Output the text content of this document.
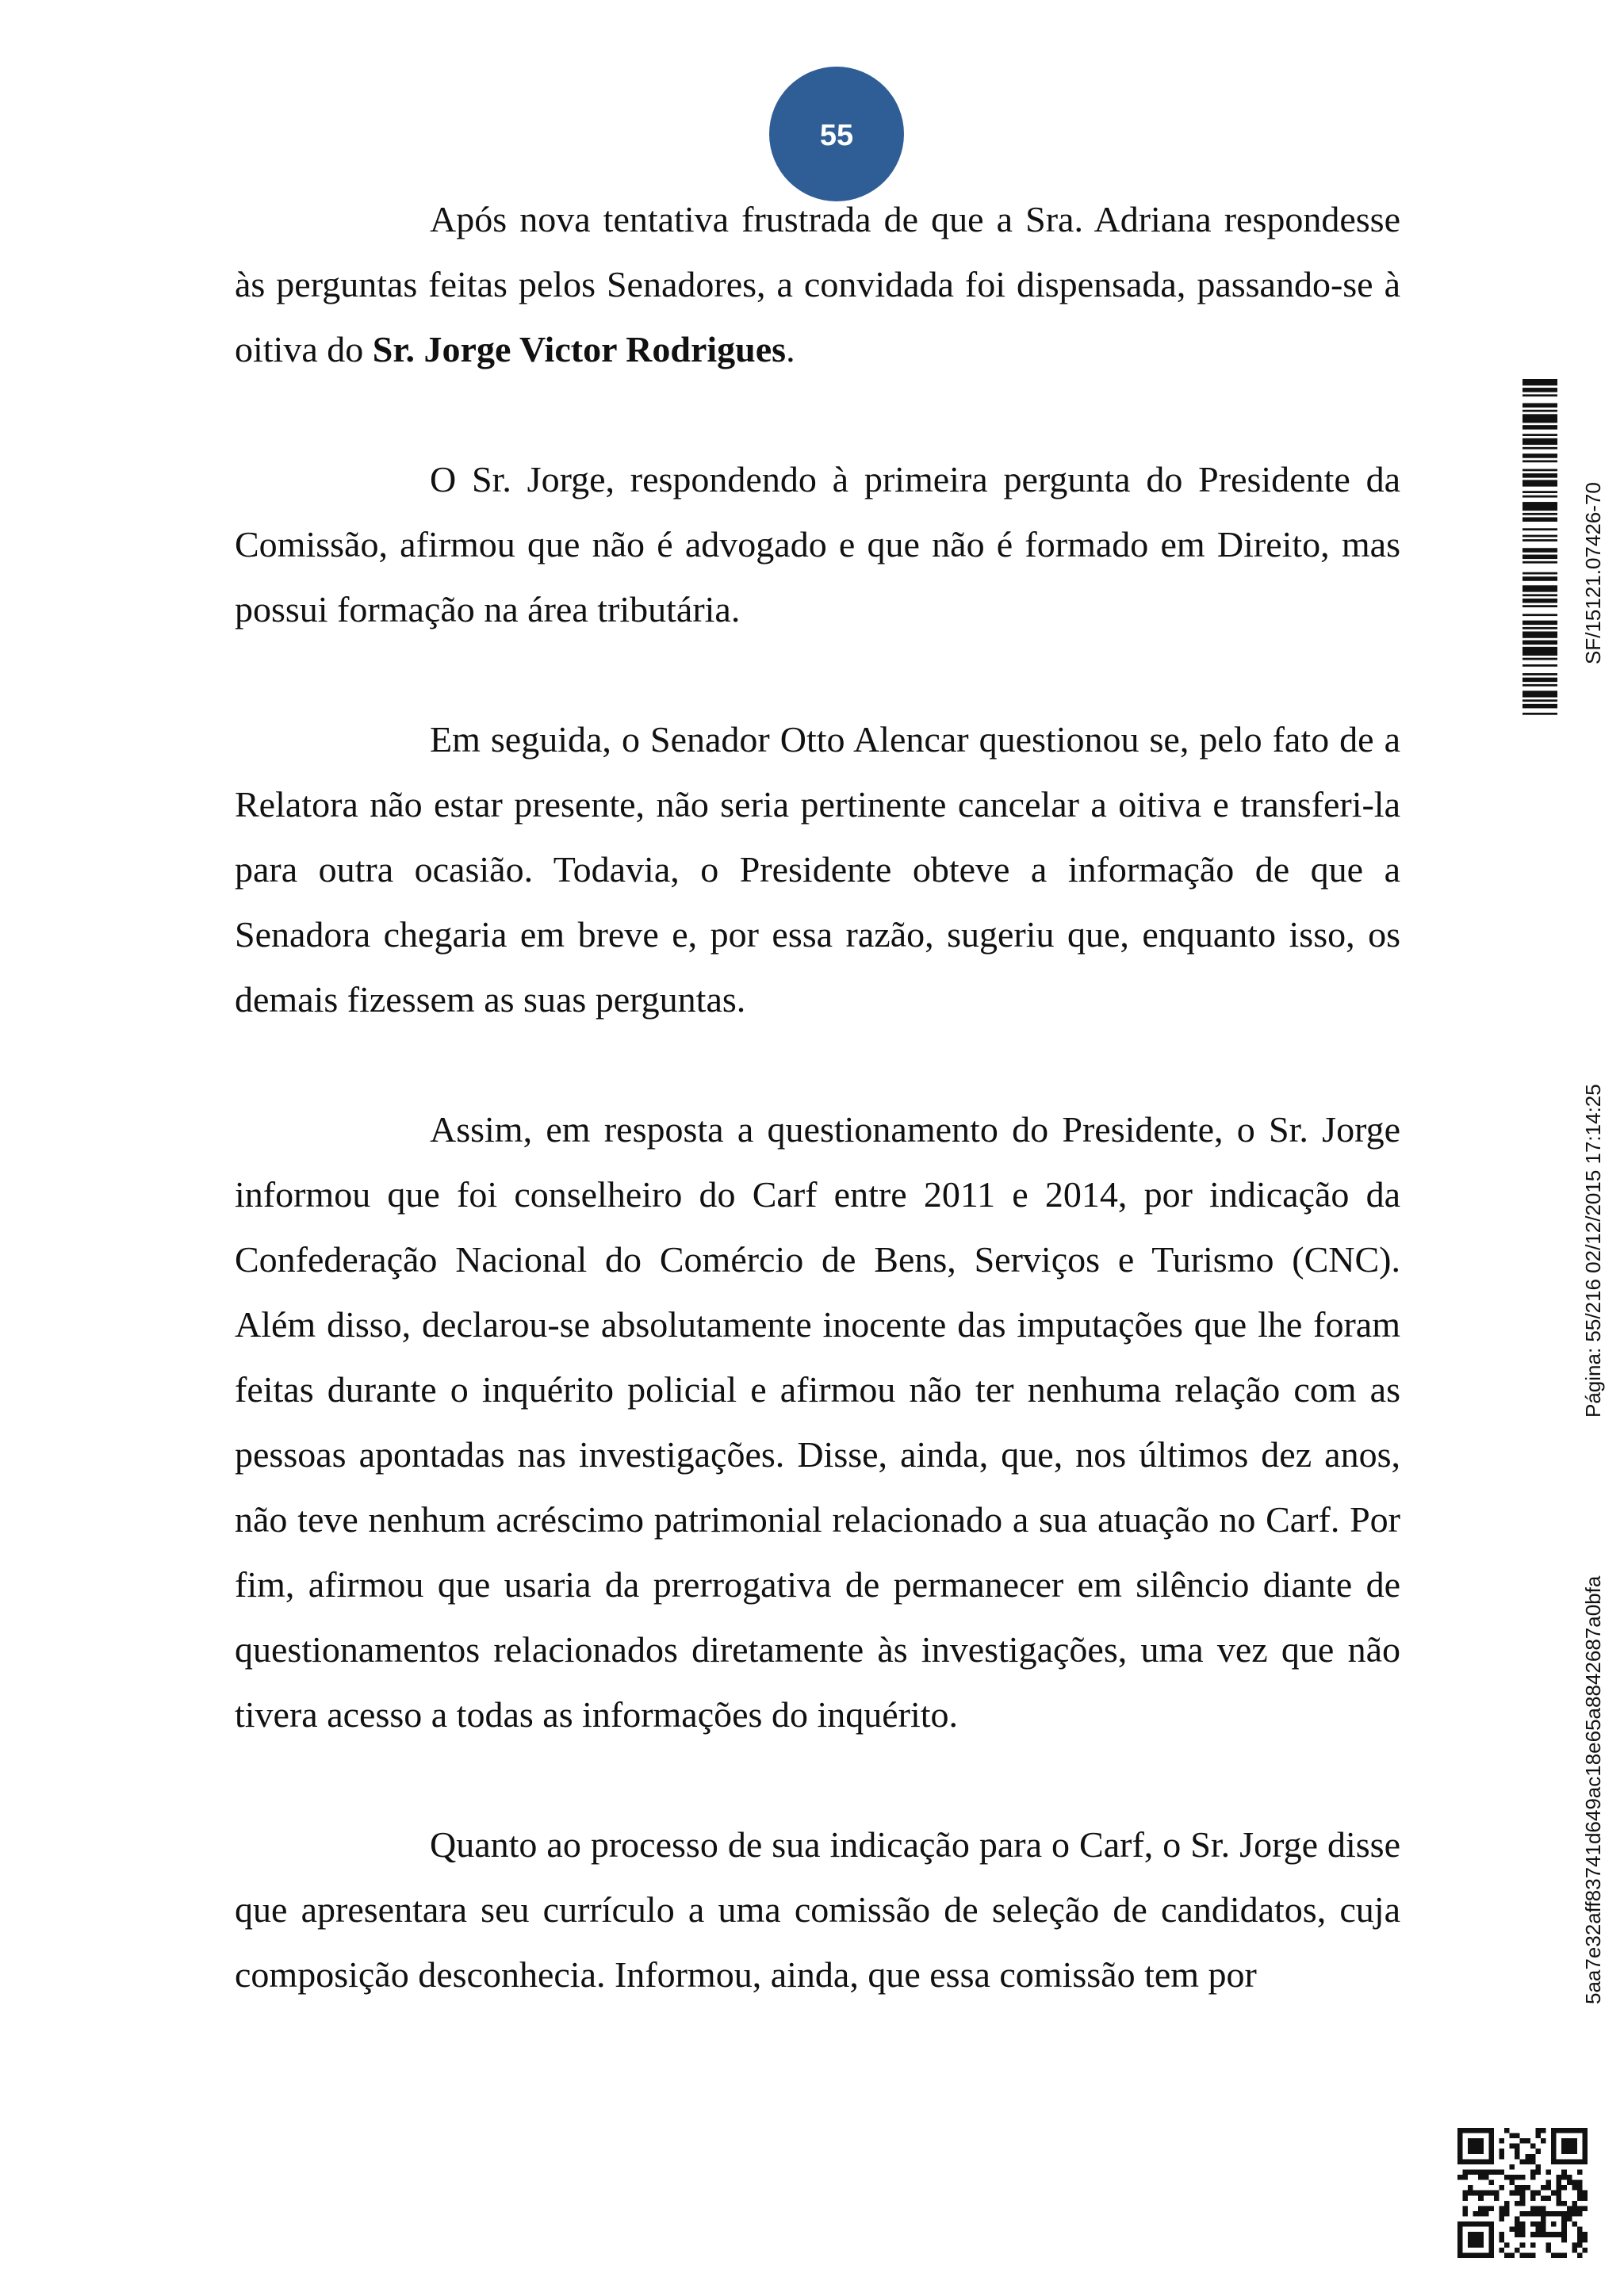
55

Após nova tentativa frustrada de que a Sra. Adriana respondesse às perguntas feitas pelos Senadores, a convidada foi dispensada, passando-se à oitiva do Sr. Jorge Victor Rodrigues.

O Sr. Jorge, respondendo à primeira pergunta do Presidente da Comissão, afirmou que não é advogado e que não é formado em Direito, mas possui formação na área tributária.

Em seguida, o Senador Otto Alencar questionou se, pelo fato de a Relatora não estar presente, não seria pertinente cancelar a oitiva e transferi-la para outra ocasião. Todavia, o Presidente obteve a informação de que a Senadora chegaria em breve e, por essa razão, sugeriu que, enquanto isso, os demais fizessem as suas perguntas.

Assim, em resposta a questionamento do Presidente, o Sr. Jorge informou que foi conselheiro do Carf entre 2011 e 2014, por indicação da Confederação Nacional do Comércio de Bens, Serviços e Turismo (CNC). Além disso, declarou-se absolutamente inocente das imputações que lhe foram feitas durante o inquérito policial e afirmou não ter nenhuma relação com as pessoas apontadas nas investigações. Disse, ainda, que, nos últimos dez anos, não teve nenhum acréscimo patrimonial relacionado a sua atuação no Carf. Por fim, afirmou que usaria da prerrogativa de permanecer em silêncio diante de questionamentos relacionados diretamente às investigações, uma vez que não tivera acesso a todas as informações do inquérito.

Quanto ao processo de sua indicação para o Carf, o Sr. Jorge disse que apresentara seu currículo a uma comissão de seleção de candidatos, cuja composição desconhecia. Informou, ainda, que essa comissão tem por

SF/15121.07426-70
Página: 55/216 02/12/2015 17:14:25
5aa7e32aff83741d649ac18e65a8842687a0bfa
